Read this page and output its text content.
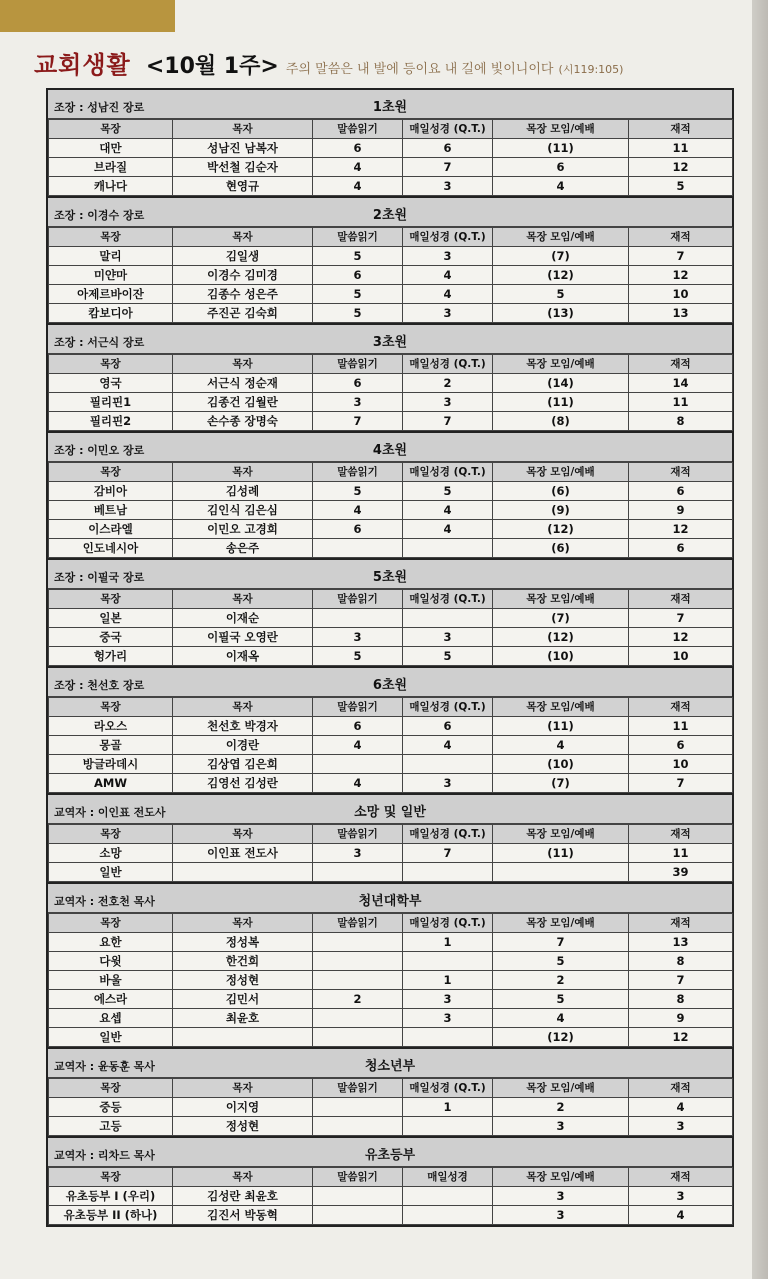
교회생활 <10월 1주> 주의 말씀은 내 발에 등이요 내 길에 빛이니이다 (시119:105)
1초원
조장 : 성남진 장로
목장	목자	말씀읽기	매일성경 (Q.T.)	목장 모임/예배	재적
대만	성남진 남복자	6	6	(11)	11
브라질	박선철 김순자	4	7	6	12
캐나다	현영규	4	3	4	5
2초원
조장 : 이경수 장로
목장	목자	말씀읽기	매일성경 (Q.T.)	목장 모임/예배	재적
말리	김일생	5	3	(7)	7
미얀마	이경수 김미경	6	4	(12)	12
아제르바이잔	김종수 성은주	5	4	5	10
캄보디아	주진곤 김숙희	5	3	(13)	13
3초원
조장 : 서근식 장로
목장	목자	말씀읽기	매일성경 (Q.T.)	목장 모임/예배	재적
영국	서근식 정순재	6	2	(14)	14
필리핀1	김종건 김월란	3	3	(11)	11
필리핀2	손수종 장명숙	7	7	(8)	8
4초원
조장 : 이민오 장로
목장	목자	말씀읽기	매일성경 (Q.T.)	목장 모임/예배	재적
감비아	김성례	5	5	(6)	6
베트남	김인식 김은심	4	4	(9)	9
이스라엘	이민오 고경희	6	4	(12)	12
인도네시아	송은주			(6)	6
5초원
조장 : 이필국 장로
목장	목자	말씀읽기	매일성경 (Q.T.)	목장 모임/예배	재적
일본	이재순			(7)	7
중국	이필국 오영란	3	3	(12)	12
헝가리	이재옥	5	5	(10)	10
6초원
조장 : 천선호 장로
목장	목자	말씀읽기	매일성경 (Q.T.)	목장 모임/예배	재적
라오스	천선호 박경자	6	6	(11)	11
몽골	이경란	4	4	4	6
방글라데시	김상엽 김은희			(10)	10
AMW	김영선 김성란	4	3	(7)	7
소망 및 일반
교역자 : 이인표 전도사
목장	목자	말씀읽기	매일성경 (Q.T.)	목장 모임/예배	재적
소망	이인표 전도사	3	7	(11)	11
일반					39
청년대학부
교역자 : 전호천 목사
목장	목자	말씀읽기	매일성경 (Q.T.)	목장 모임/예배	재적
요한	정성복		1	7	13
다윗	한건희			5	8
바울	정성현		1	2	7
에스라	김민서	2	3	5	8
요셉	최윤호		3	4	9
일반				(12)	12
청소년부
교역자 : 윤동훈 목사
목장	목자	말씀읽기	매일성경 (Q.T.)	목장 모임/예배	재적
중등	이지영		1	2	4
고등	정성현			3	3
유초등부
교역자 : 리차드 목사
목장	목자	말씀읽기	매일성경	목장 모임/예배	재적
유초등부 I (우리)	김성란 최윤호			3	3
유초등부 II (하나)	김진서 박동혁			3	4
